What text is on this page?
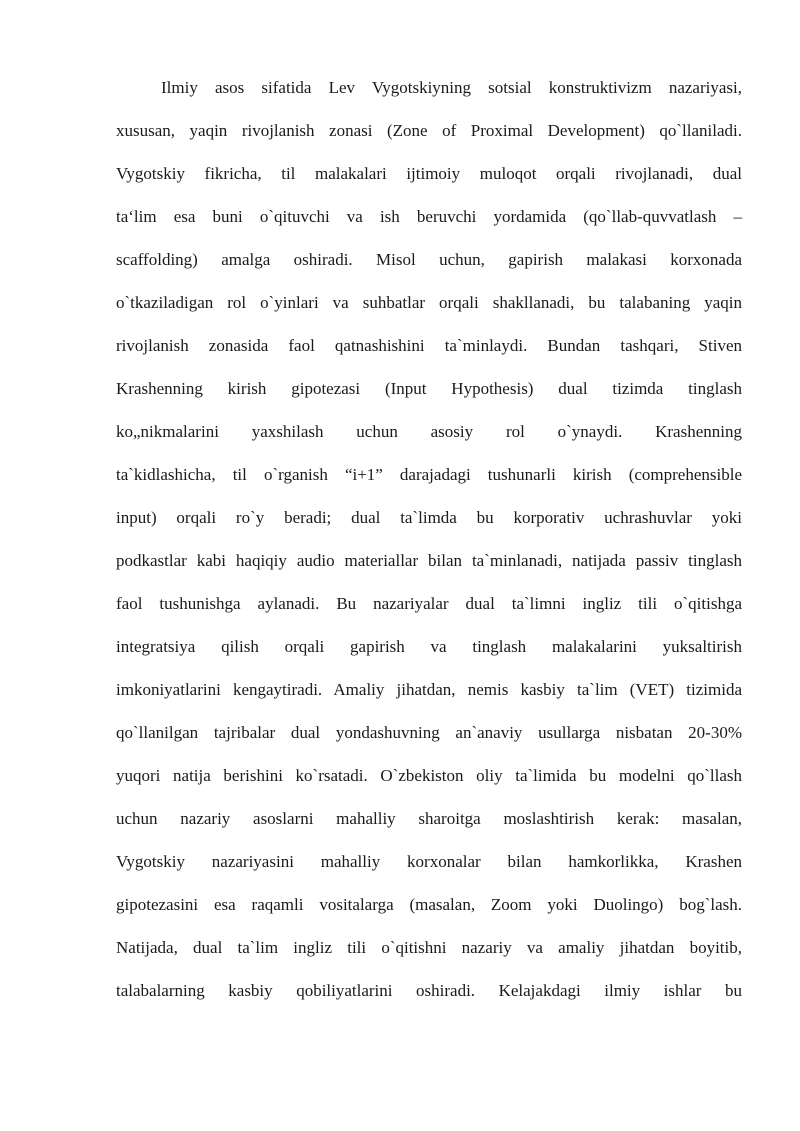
Ilmiy asos sifatida Lev Vygotskiyning sotsial konstruktivizm nazariyasi,
xususan, yaqin rivojlanish zonasi (Zone of Proximal Development) qo`llaniladi.
Vygotskiy fikricha, til malakalari ijtimoiy muloqot orqali rivojlanadi, dual
ta‘lim esa buni o`qituvchi va ish beruvchi yordamida (qo`llab-quvvatlash –
scaffolding) amalga oshiradi. Misol uchun, gapirish malakasi korxonada
o`tkaziladigan rol o`yinlari va suhbatlar orqali shakllanadi, bu talabaning yaqin
rivojlanish zonasida faol qatnashishini ta`minlaydi. Bundan tashqari, Stiven
Krashenning kirish gipotezasi (Input Hypothesis) dual tizimda tinglash
ko„nikmalarini yaxshilash uchun asosiy rol o`ynaydi. Krashenning
ta`kidlashicha, til o`rganish “i+1” darajadagi tushunarli kirish (comprehensible
input) orqali ro`y beradi; dual ta`limda bu korporativ uchrashuvlar yoki
podkastlar kabi haqiqiy audio materiallar bilan ta`minlanadi, natijada passiv tinglash
faol tushunishga aylanadi. Bu nazariyalar dual ta`limni ingliz tili o`qitishga
integratsiya qilish orqali gapirish va tinglash malakalarini yuksaltirish
imkoniyatlarini kengaytiradi. Amaliy jihatdan, nemis kasbiy ta`lim (VET) tizimida
qo`llanilgan tajribalar dual yondashuvning an`anaviy usullarga nisbatan 20-30%
yuqori natija berishini ko`rsatadi. O`zbekiston oliy ta`limida bu modelni qo`llash
uchun nazariy asoslarni mahalliy sharoitga moslashtirish kerak: masalan,
Vygotskiy nazariyasini mahalliy korxonalar bilan hamkorlikka, Krashen
gipotezasini esa raqamli vositalarga (masalan, Zoom yoki Duolingo) bog`lash.
Natijada, dual ta`lim ingliz tili o`qitishni nazariy va amaliy jihatdan boyitib,
talabalarning kasbiy qobiliyatlarini oshiradi. Kelajakdagi ilmiy ishlar bu
